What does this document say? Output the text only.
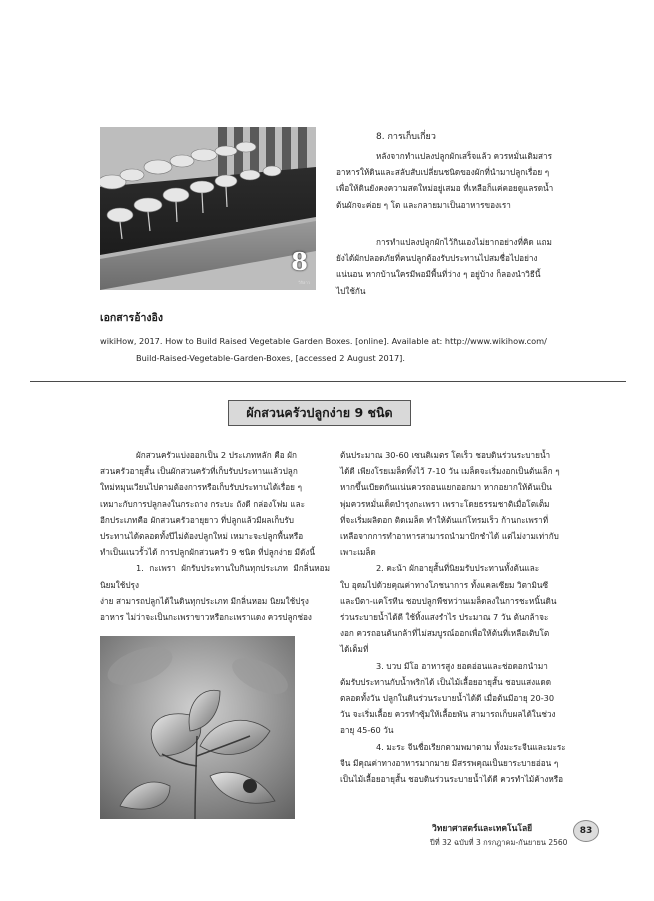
8
วิกิฮาว
8. การเก็บเกี่ยว
หลังจากทำแปลงปลูกผักเสร็จแล้ว ควรหมั่นเติมสาร
อาหารให้ดินและสลับสับเปลี่ยนชนิดของผักที่นำมาปลูกเรื่อย ๆ
เพื่อให้ดินยังคงความสดใหม่อยู่เสมอ ที่เหลือก็แค่คอยดูแลรดน้ำ
ต้นผักจะค่อย ๆ โต และกลายมาเป็นอาหารของเรา
การทำแปลงปลูกผักไว้กินเองไม่ยากอย่างที่คิด แถม
ยังได้ผักปลอดภัยที่คนปลูกต้องรับประทานไปสมชื่อไปอย่าง
แน่นอน หากบ้านใครมีพอมีพื้นที่ว่าง ๆ อยู่บ้าง ก็ลองนำวิธีนี้
ไปใช้กัน
เอกสารอ้างอิง
wikiHow, 2017. How to Build Raised Vegetable Garden Boxes. [online]. Available at: http://www.wikihow.com/
Build-Raised-Vegetable-Garden-Boxes, [accessed 2 August 2017].
ผักสวนครัวปลูกง่าย 9 ชนิด
ผักสวนครัวแบ่งออกเป็น 2 ประเภทหลัก คือ ผัก
สวนครัวอายุสั้น เป็นผักสวนครัวที่เก็บรับประทานแล้วปลูก
ใหม่หมุนเวียนไปตามต้องการหรือเก็บรับประทานได้เรื่อย ๆ
เหมาะกับการปลูกลงในกระถาง กระบะ ถังดี กล่องโฟม และ
อีกประเภทคือ ผักสวนครัวอายุยาว ที่ปลูกแล้วมีผลเก็บรับ
ประทานได้ตลอดทั้งปีไม่ต้องปลูกใหม่ เหมาะจะปลูกพื้นหรือ
ทำเป็นแนวรั้วได้ การปลูกผักสวนครัว 9 ชนิด ที่ปลูกง่าย มีดังนี้
1. กะเพรา ผักรับประทานใบกินทุกประเภท มีกลิ่นหอม นิยมใช้ปรุง
ง่าย สามารถปลูกได้ในดินทุกประเภท มีกลิ่นหอม นิยมใช้ปรุง
อาหาร ไม่ว่าจะเป็นกะเพราขาวหรือกะเพราแดง ควรปลูกช่อง
ต้นประมาณ 30-60 เซนติเมตร โตเร็ว ชอบดินร่วนระบายน้ำ
ได้ดี เพียงโรยเมล็ดทิ้งไว้ 7-10 วัน เมล็ดจะเริ่มงอกเป็นต้นเล็ก ๆ
หากขึ้นเบียดกันแน่นควรถอนแยกออกมา หากอยากให้ต้นเป็น
พุ่มควรหมั่นเด็ดบำรุงกะเพรา เพราะโดยธรรมชาติเมื่อโตเต็ม
ที่จะเริ่มผลิดอก ติดเมล็ด ทำให้ต้นแก่โทรมเร็ว ก้านกะเพราที่
เหลือจากการทำอาหารสามารถนำมาปักชำได้ แต่ไม่งามเท่ากับ
เพาะเมล็ด
2. คะน้า ผักอายุสั้นที่นิยมรับประทานทั้งต้นและ
ใบ อุดมไปด้วยคุณค่าทางโภชนาการ ทั้งแคลเซียม วิตามินซี
และบีตา-แคโรทีน ชอบปลูกพืชหว่านเมล็ดลงในการชะหนิ้นดิน
ร่วนระบายน้ำได้ดี ใช้ทิ้งแสงรำไร ประมาณ 7 วัน ต้นกล้าจะ
งอก ควรถอนต้นกล้าที่ไม่สมบูรณ์ออกเพื่อให้ต้นที่เหลือเติบโต
ได้เต็มที่
3. บวบ มีโอ อาหารสูง ยอดอ่อนและช่อดอกนำมา
ต้มรับประทานกับน้ำพริกได้ เป็นไม้เลื้อยอายุสั้น ชอบแสงแดด
ตลอดทั้งวัน ปลูกในดินร่วนระบายน้ำได้ดี เมื่อต้นมีอายุ 20-30
วัน จะเริ่มเลื้อย ควรทำซุ้มให้เลื้อยพัน สามารถเก็บผลได้ในช่วง
อายุ 45-60 วัน
4. มะระ จีนชื่อเรียกตามพมาตาม ทั้งมะระจีนและมะระ
จีน มีคุณค่าทางอาหารมากมาย มีสรรพคุณเป็นยาระบายอ่อน ๆ
เป็นไม้เลื้อยอายุสั้น ชอบดินร่วนระบายน้ำได้ดี ควรทำไม้ค้างหรือ
วิทยาศาสตร์และเทคโนโลยี
ปีที่ 32 ฉบับที่ 3 กรกฎาคม-กันยายน 2560
83
